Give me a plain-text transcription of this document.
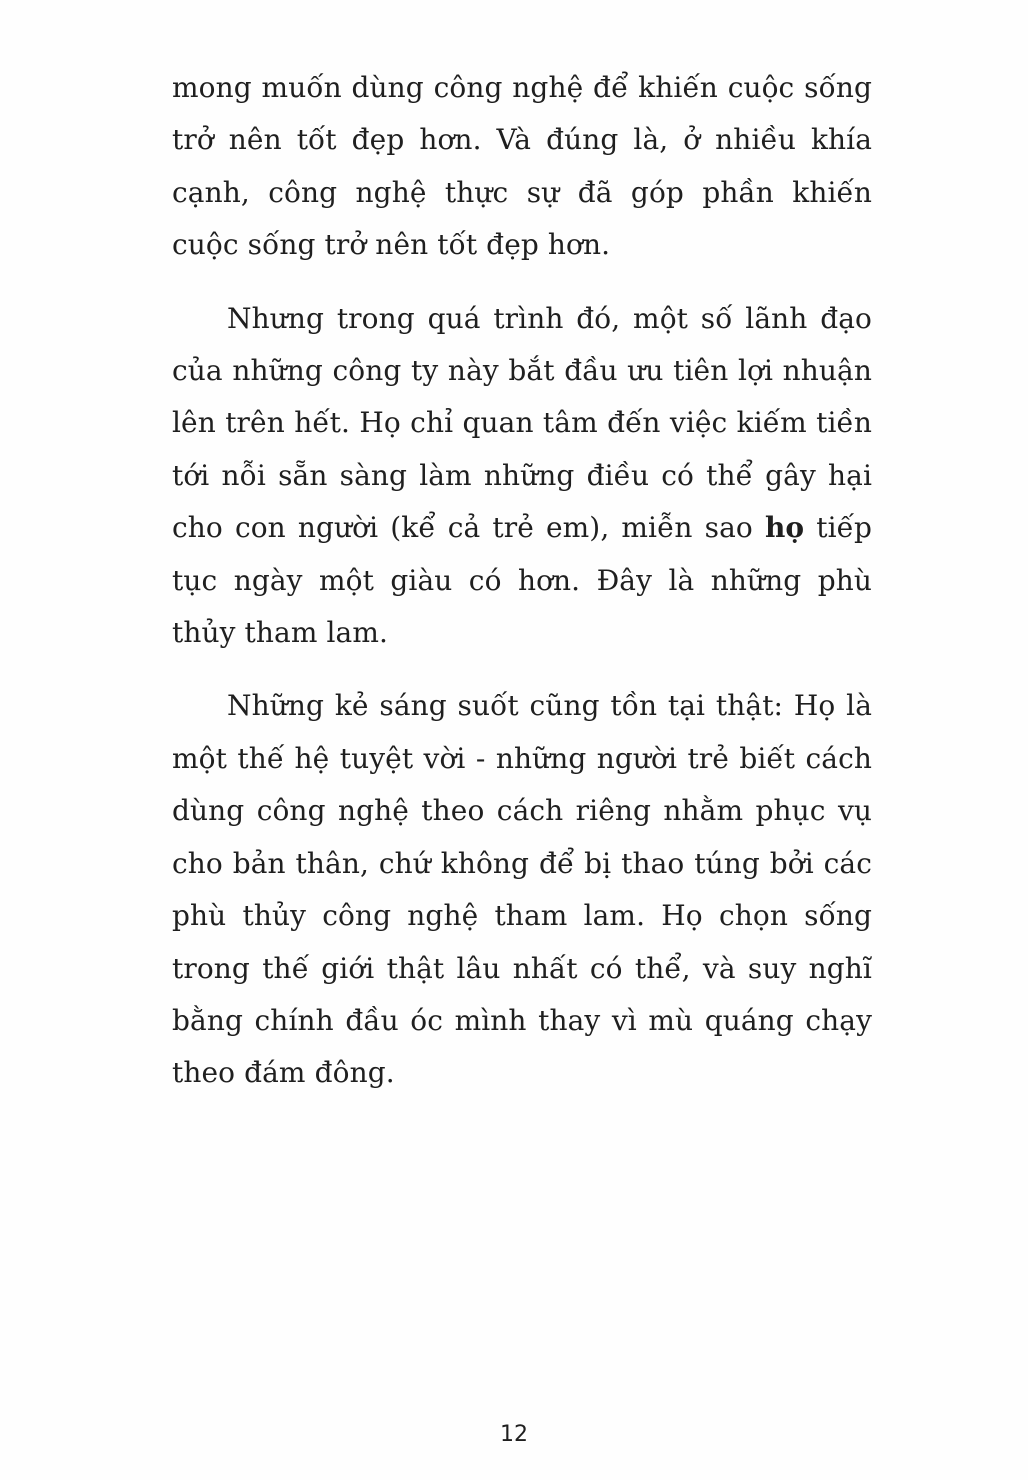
mong muốn dùng công nghệ để khiến cuộc sống trở nên tốt đẹp hơn. Và đúng là, ở nhiều khía cạnh, công nghệ thực sự đã góp phần khiến cuộc sống trở nên tốt đẹp hơn.

Nhưng trong quá trình đó, một số lãnh đạo của những công ty này bắt đầu ưu tiên lợi nhuận lên trên hết. Họ chỉ quan tâm đến việc kiếm tiền tới nỗi sẵn sàng làm những điều có thể gây hại cho con người (kể cả trẻ em), miễn sao họ tiếp tục ngày một giàu có hơn. Đây là những phù thủy tham lam.

Những kẻ sáng suốt cũng tồn tại thật: Họ là một thế hệ tuyệt vời - những người trẻ biết cách dùng công nghệ theo cách riêng nhằm phục vụ cho bản thân, chứ không để bị thao túng bởi các phù thủy công nghệ tham lam. Họ chọn sống trong thế giới thật lâu nhất có thể, và suy nghĩ bằng chính đầu óc mình thay vì mù quáng chạy theo đám đông.

12
